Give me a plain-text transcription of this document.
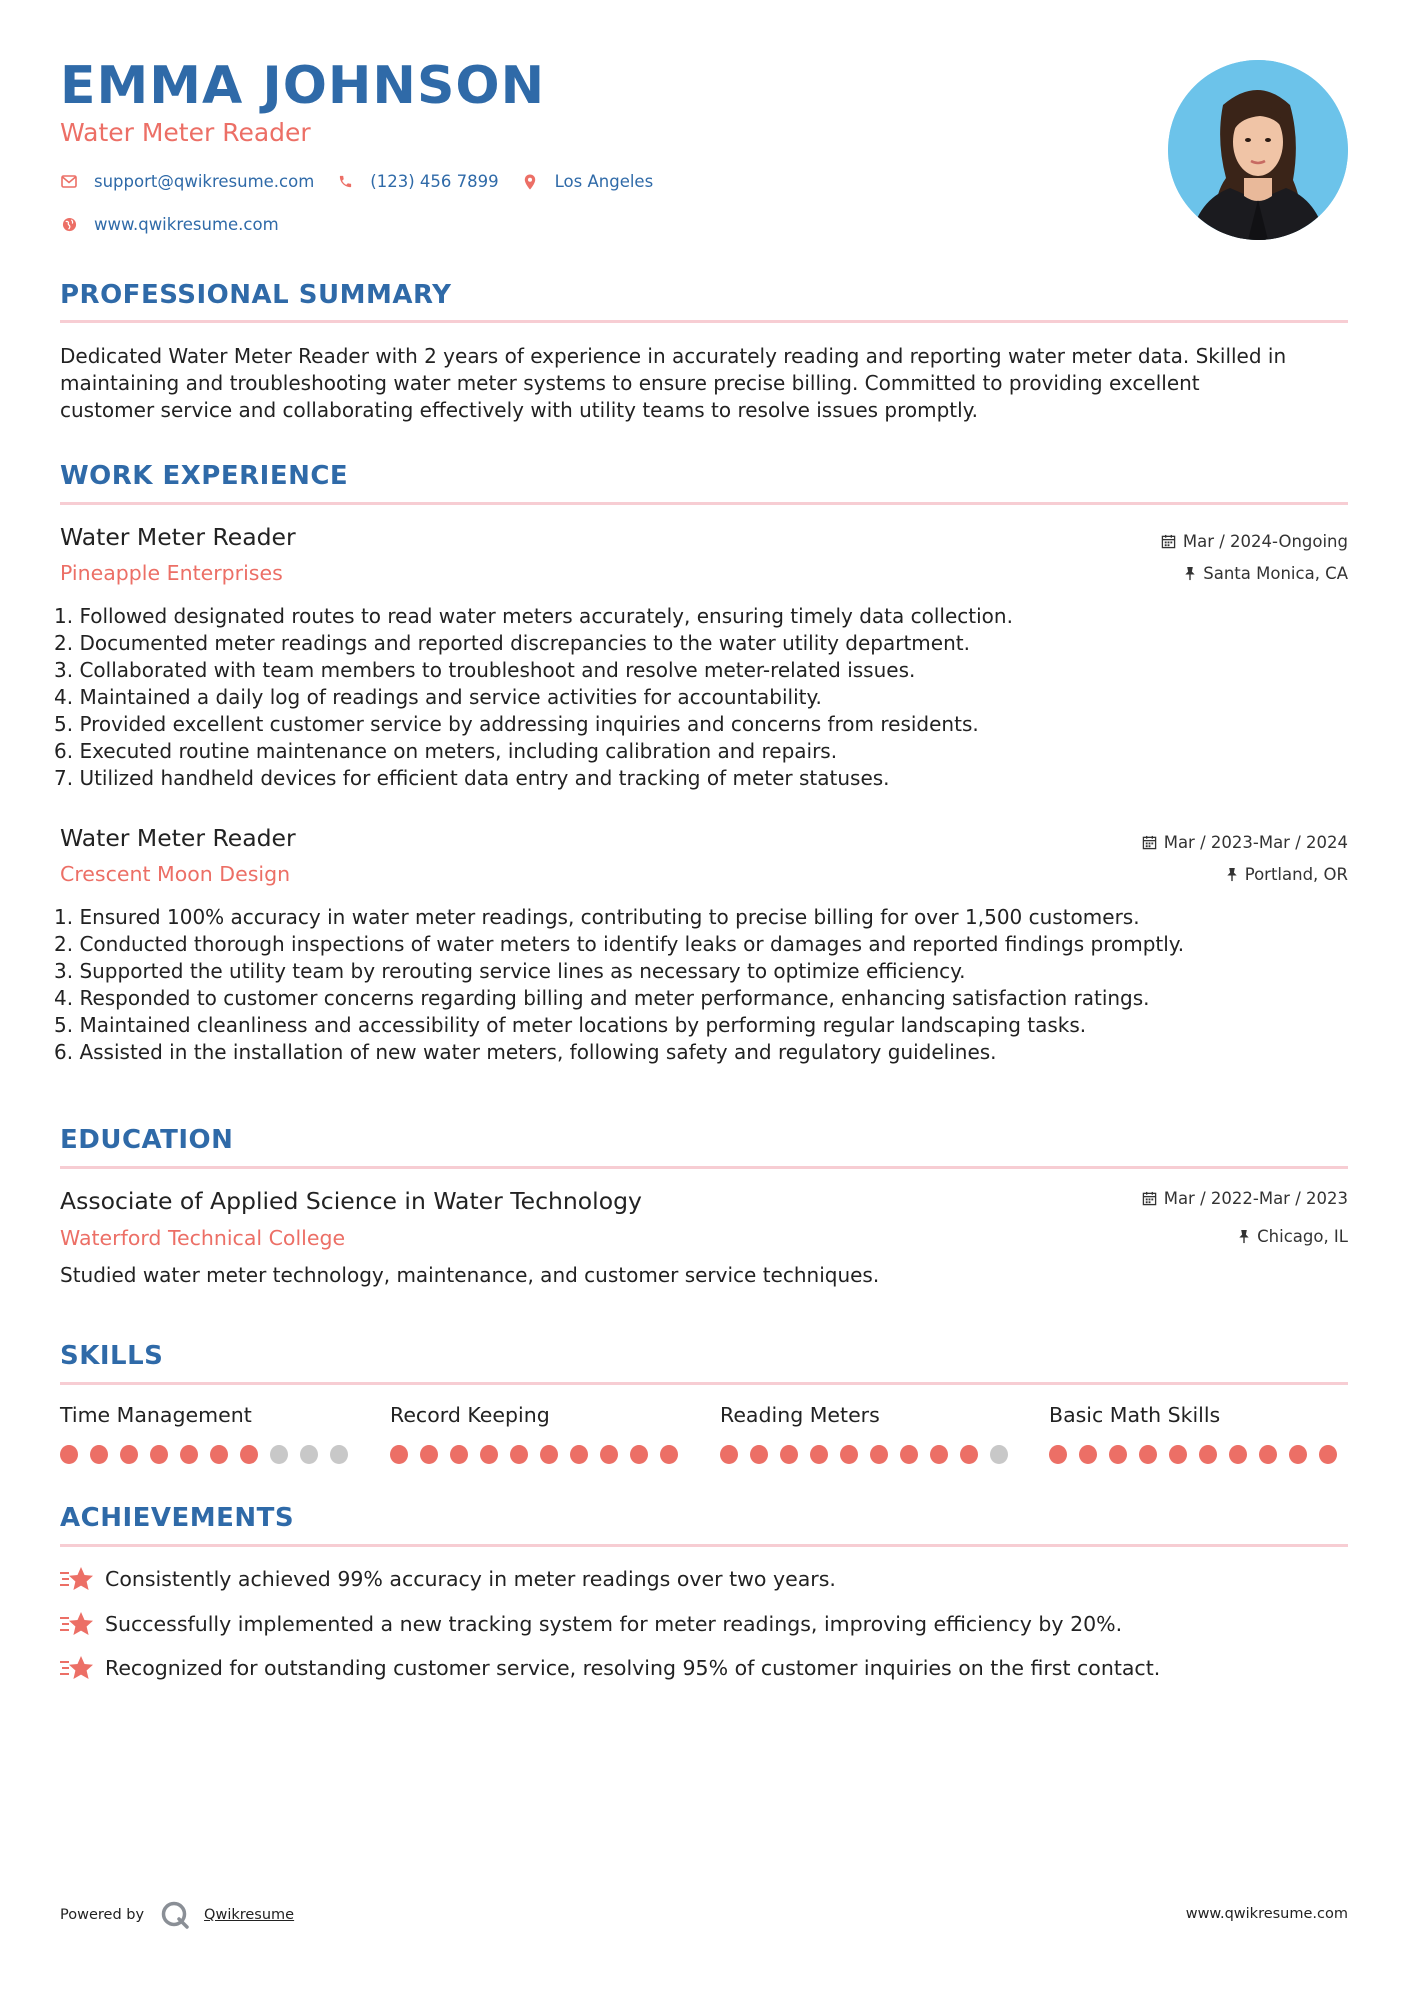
EMMA JOHNSON
Water Meter Reader
support@qwikresume.com	(123) 456 7899	Los Angeles
www.qwikresume.com
PROFESSIONAL SUMMARY
Dedicated Water Meter Reader with 2 years of experience in accurately reading and reporting water meter data. Skilled in
maintaining and troubleshooting water meter systems to ensure precise billing. Committed to providing excellent
customer service and collaborating effectively with utility teams to resolve issues promptly.
WORK EXPERIENCE
Water Meter Reader
Pineapple Enterprises
Mar / 2024-Ongoing
Santa Monica, CA
1. Followed designated routes to read water meters accurately, ensuring timely data collection.
2. Documented meter readings and reported discrepancies to the water utility department.
3. Collaborated with team members to troubleshoot and resolve meter-related issues.
4. Maintained a daily log of readings and service activities for accountability.
5. Provided excellent customer service by addressing inquiries and concerns from residents.
6. Executed routine maintenance on meters, including calibration and repairs.
7. Utilized handheld devices for efficient data entry and tracking of meter statuses.
Water Meter Reader
Crescent Moon Design
Mar / 2023-Mar / 2024
Portland, OR
1. Ensured 100% accuracy in water meter readings, contributing to precise billing for over 1,500 customers.
2. Conducted thorough inspections of water meters to identify leaks or damages and reported findings promptly.
3. Supported the utility team by rerouting service lines as necessary to optimize efficiency.
4. Responded to customer concerns regarding billing and meter performance, enhancing satisfaction ratings.
5. Maintained cleanliness and accessibility of meter locations by performing regular landscaping tasks.
6. Assisted in the installation of new water meters, following safety and regulatory guidelines.
EDUCATION
Associate of Applied Science in Water Technology
Waterford Technical College
Mar / 2022-Mar / 2023
Chicago, IL
Studied water meter technology, maintenance, and customer service techniques.
SKILLS
Time Management	Record Keeping	Reading Meters	Basic Math Skills
ACHIEVEMENTS
Consistently achieved 99% accuracy in meter readings over two years.
Successfully implemented a new tracking system for meter readings, improving efficiency by 20%.
Recognized for outstanding customer service, resolving 95% of customer inquiries on the first contact.
Powered by	Qwikresume	www.qwikresume.com
